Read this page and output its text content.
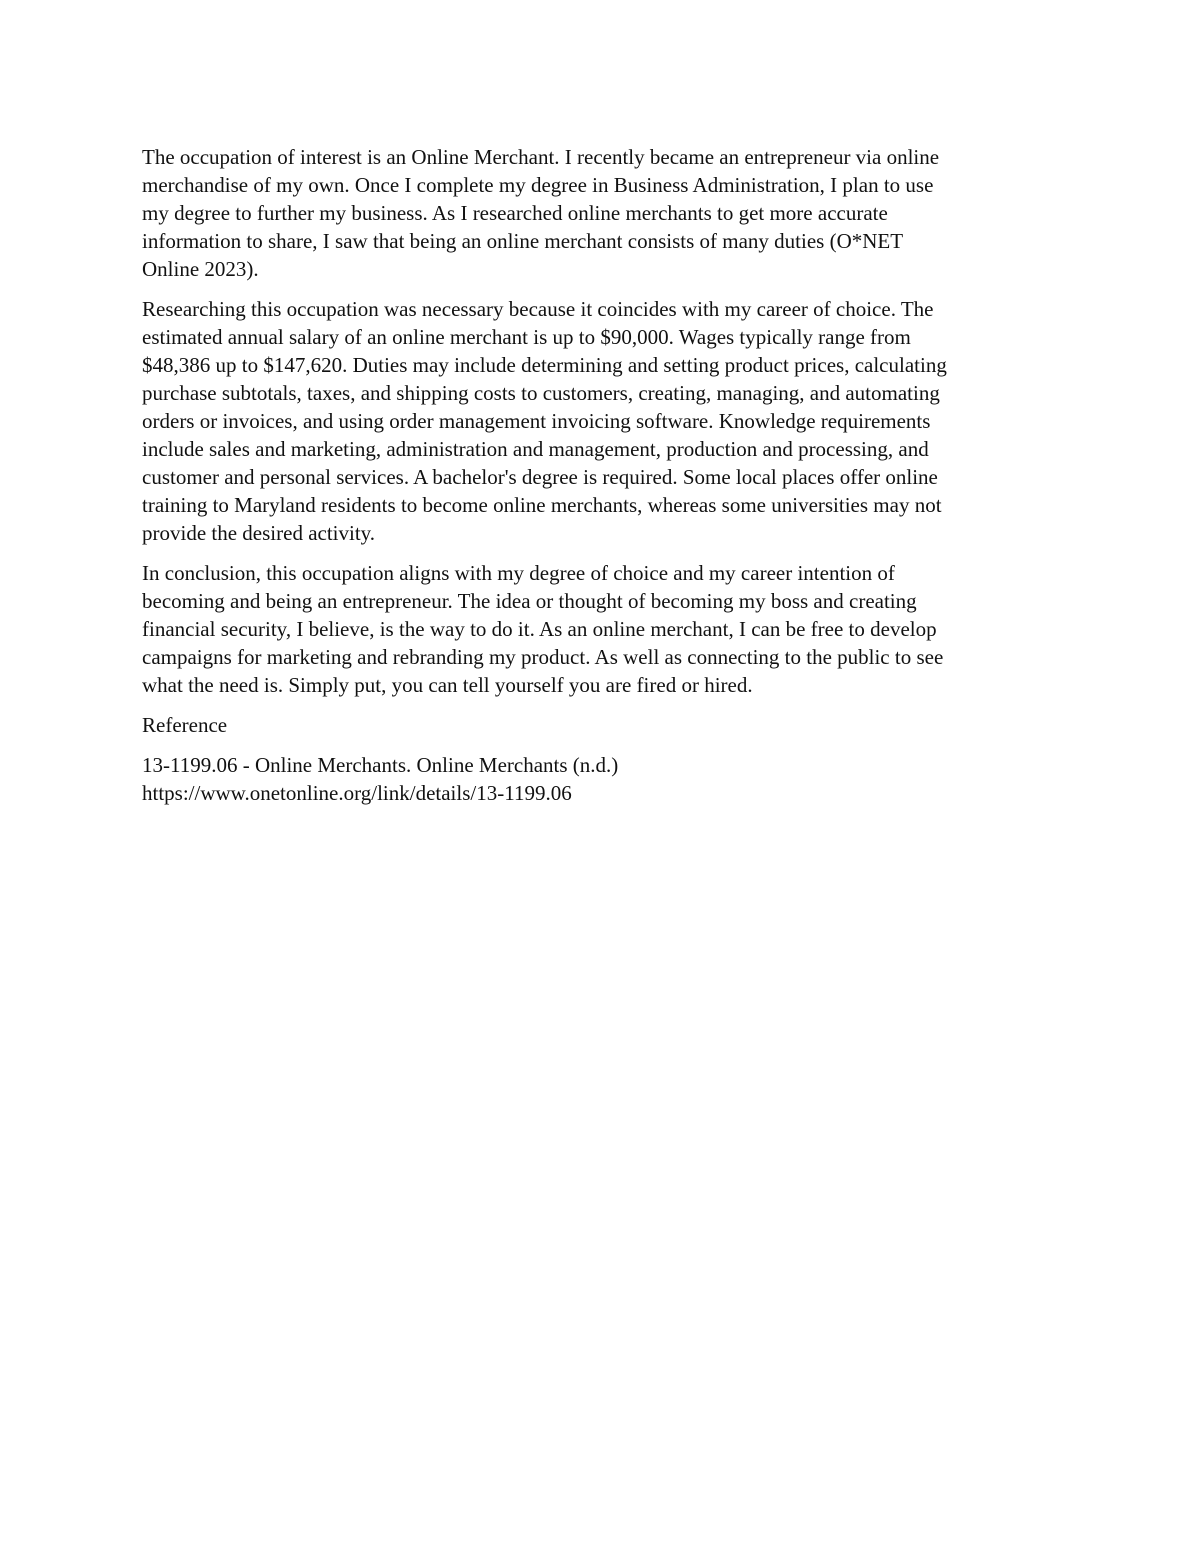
The occupation of interest is an Online Merchant. I recently became an entrepreneur via online
merchandise of my own. Once I complete my degree in Business Administration, I plan to use
my degree to further my business. As I researched online merchants to get more accurate
information to share, I saw that being an online merchant consists of many duties (O*NET
Online 2023).

Researching this occupation was necessary because it coincides with my career of choice. The
estimated annual salary of an online merchant is up to $90,000. Wages typically range from
$48,386 up to $147,620. Duties may include determining and setting product prices, calculating
purchase subtotals, taxes, and shipping costs to customers, creating, managing, and automating
orders or invoices, and using order management invoicing software. Knowledge requirements
include sales and marketing, administration and management, production and processing, and
customer and personal services. A bachelor's degree is required. Some local places offer online
training to Maryland residents to become online merchants, whereas some universities may not
provide the desired activity.

In conclusion, this occupation aligns with my degree of choice and my career intention of
becoming and being an entrepreneur. The idea or thought of becoming my boss and creating
financial security, I believe, is the way to do it. As an online merchant, I can be free to develop
campaigns for marketing and rebranding my product. As well as connecting to the public to see
what the need is. Simply put, you can tell yourself you are fired or hired.

Reference

13-1199.06 - Online Merchants. Online Merchants (n.d.)
https://www.onetonline.org/link/details/13-1199.06
